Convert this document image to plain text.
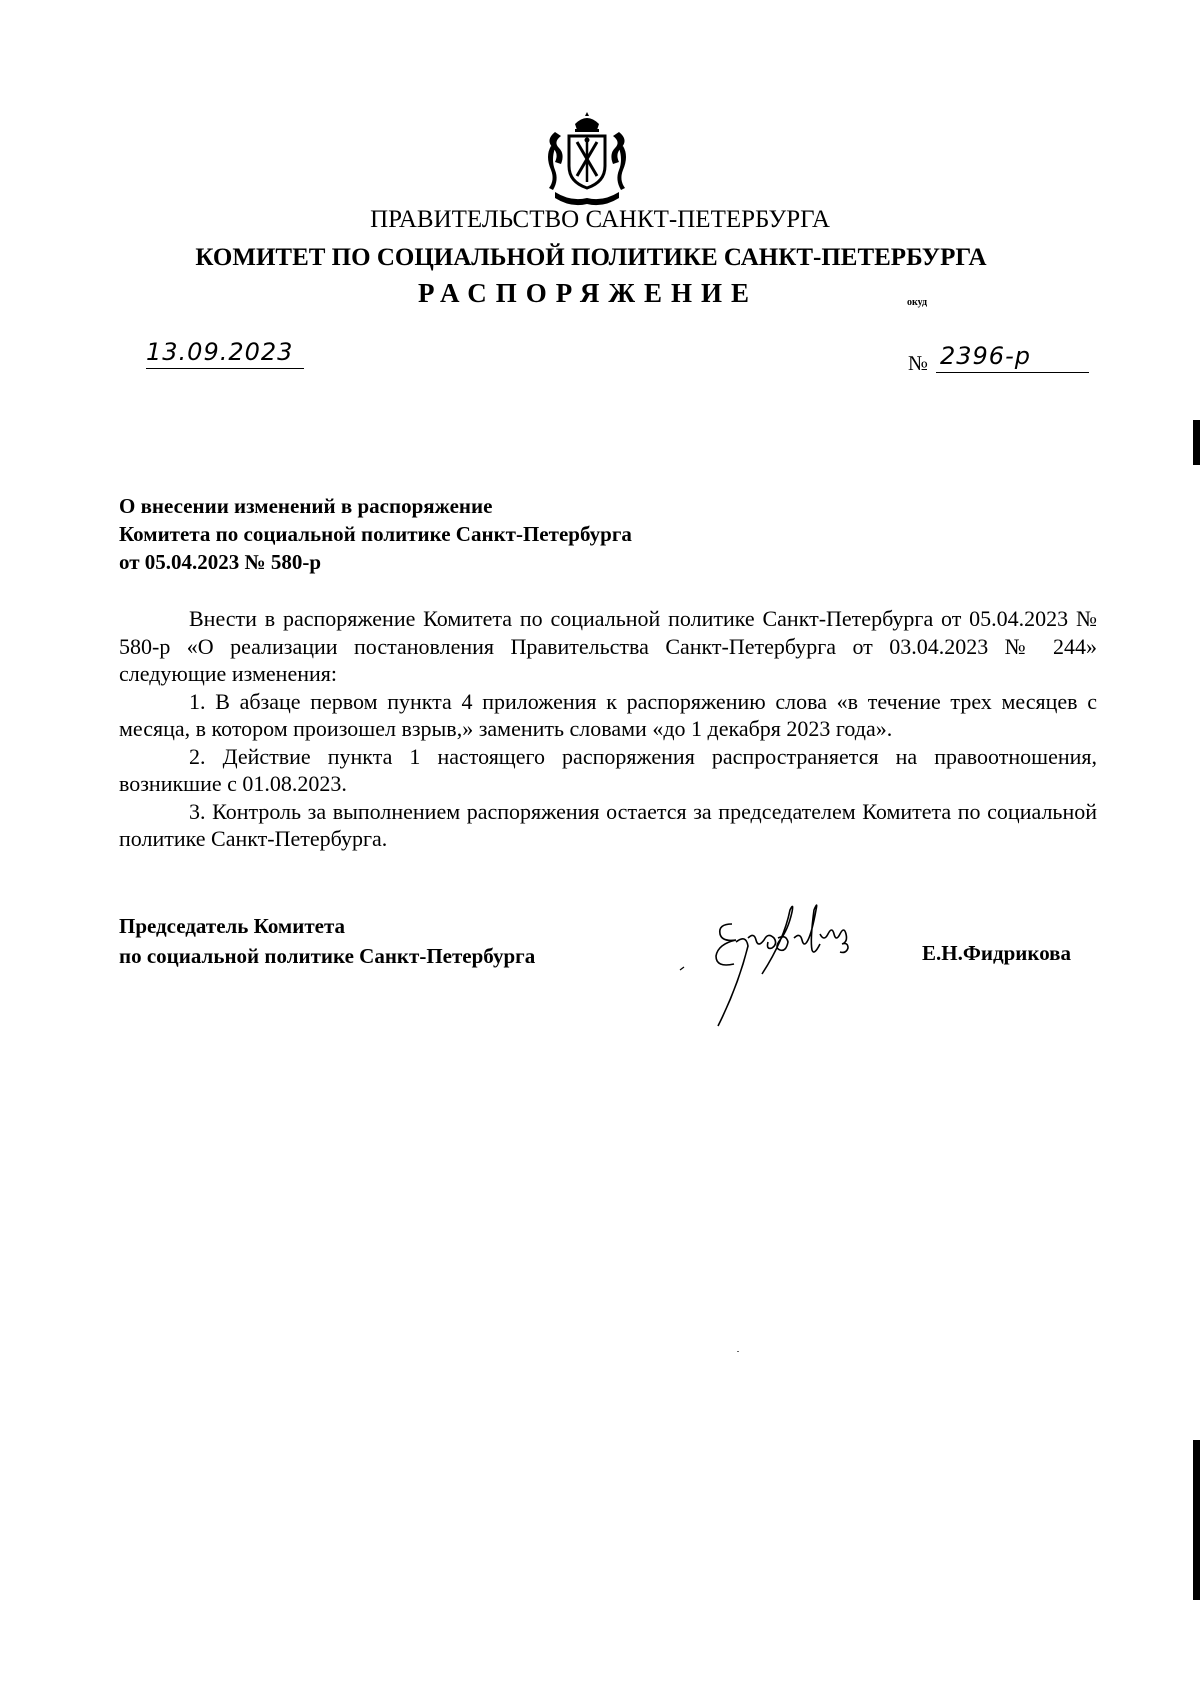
ПРАВИТЕЛЬСТВО САНКТ-ПЕТЕРБУРГА
КОМИТЕТ ПО СОЦИАЛЬНОЙ ПОЛИТИКЕ САНКТ-ПЕТЕРБУРГА
РАСПОРЯЖЕНИЕ	окуд
13.09.2023	№ 2396-р
О внесении изменений в распоряжение
Комитета по социальной политике Санкт-Петербурга
от 05.04.2023 № 580-р

Внести в распоряжение Комитета по социальной политике Санкт-Петербурга от 05.04.2023 № 580-р «О реализации постановления Правительства Санкт-Петербурга от 03.04.2023 № 244» следующие изменения:

1. В абзаце первом пункта 4 приложения к распоряжению слова «в течение трех месяцев с месяца, в котором произошел взрыв,» заменить словами «до 1 декабря 2023 года».

2. Действие пункта 1 настоящего распоряжения распространяется на правоотношения, возникшие с 01.08.2023.

3. Контроль за выполнением распоряжения остается за председателем Комитета по социальной политике Санкт-Петербурга.

Председатель Комитета
по социальной политике Санкт-Петербурга	Е.Н.Фидрикова
